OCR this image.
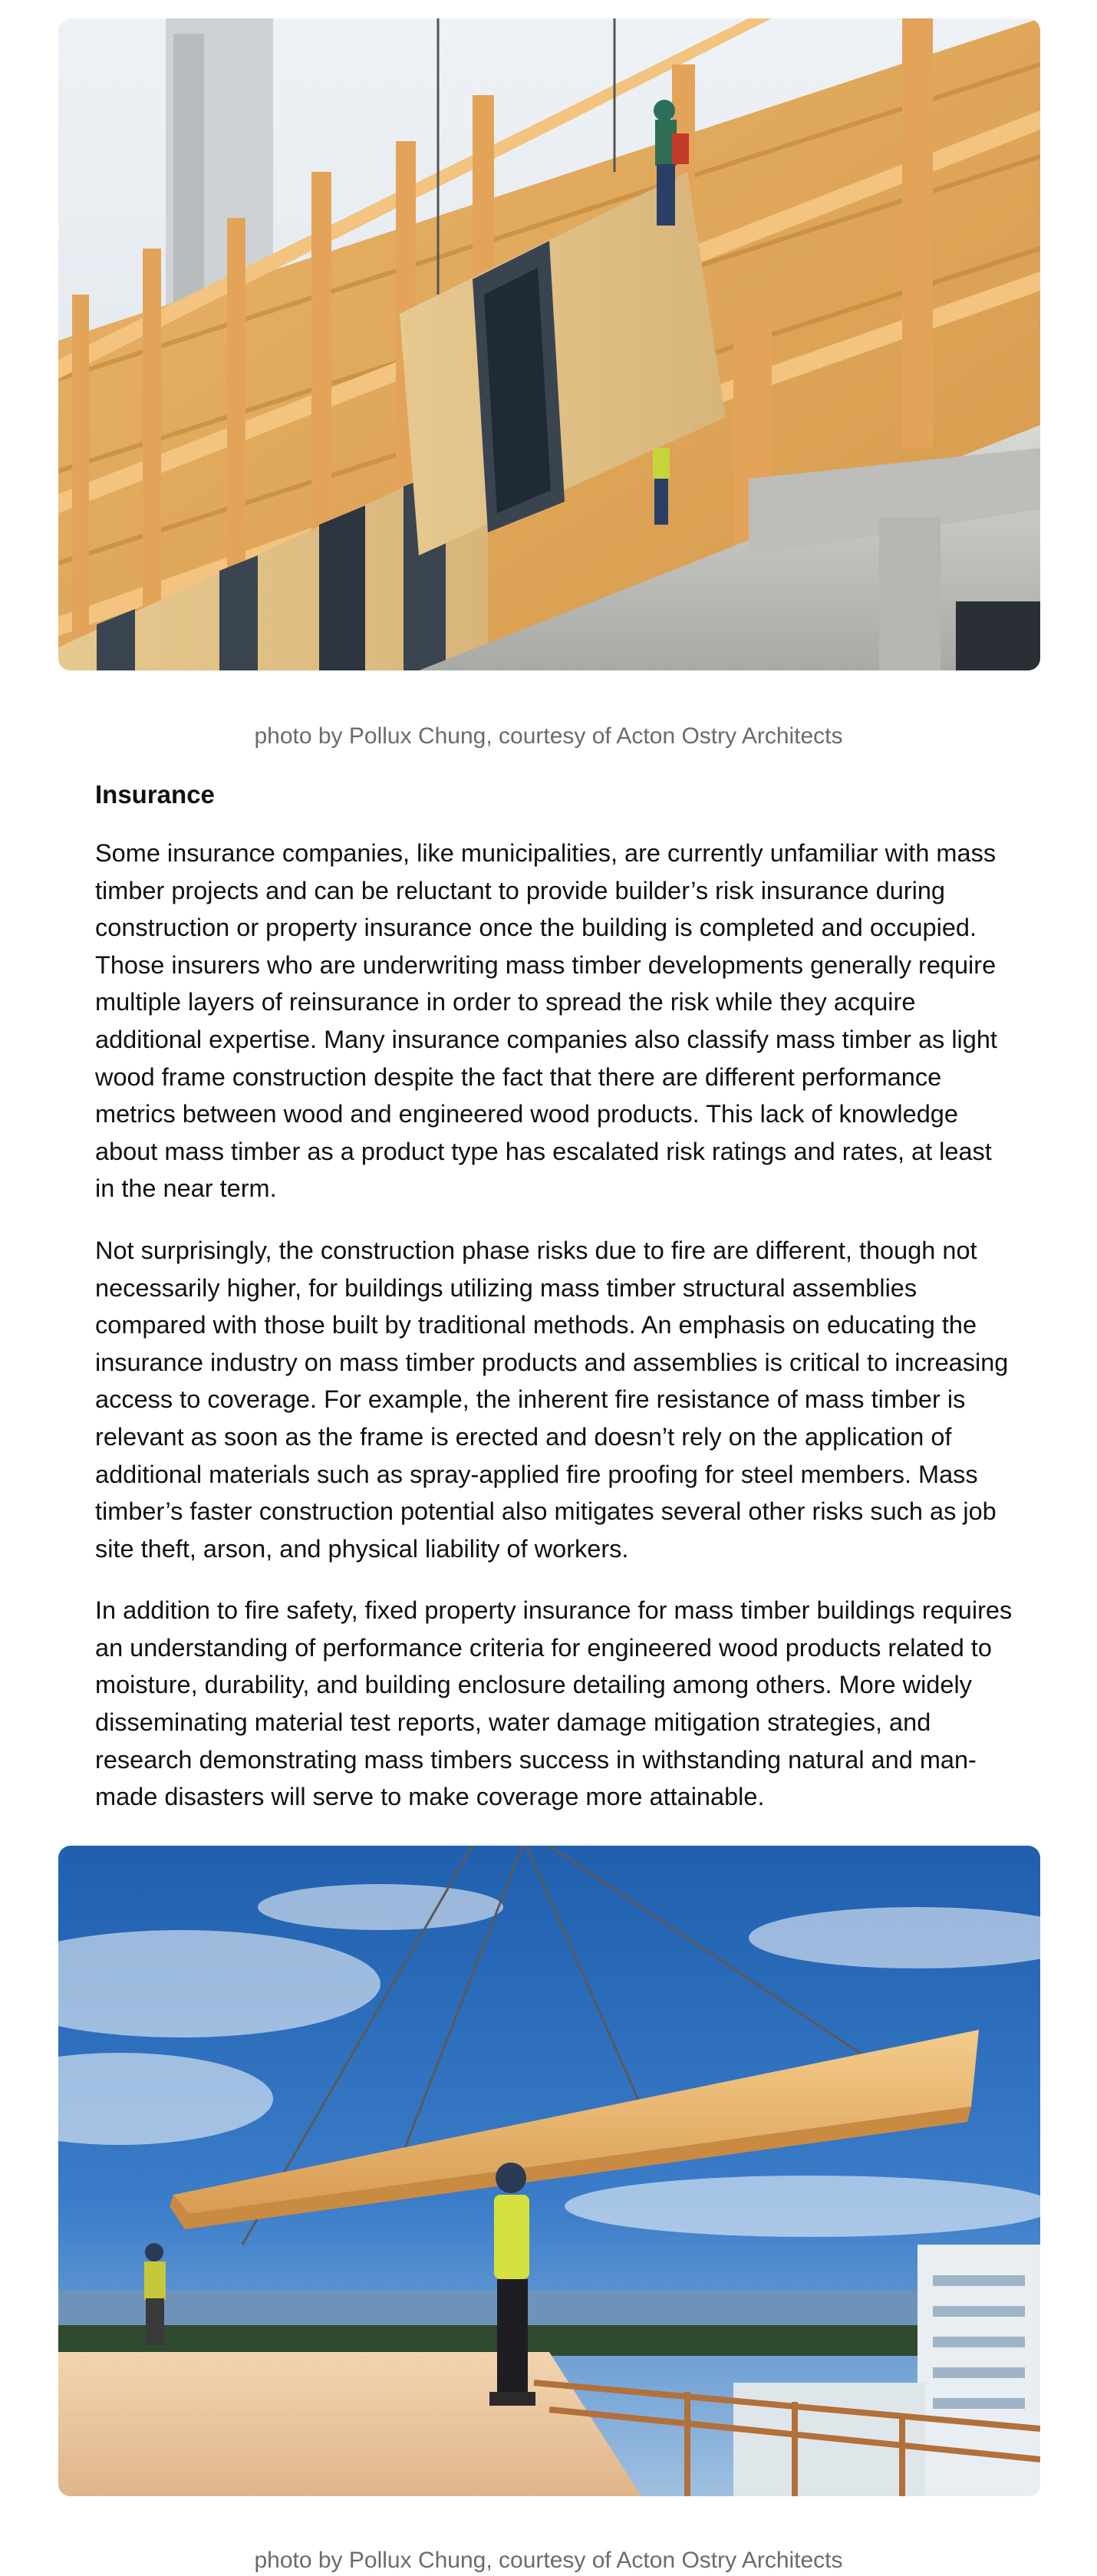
photo by Pollux Chung, courtesy of Acton Ostry Architects
Insurance

Some insurance companies, like municipalities, are currently unfamiliar with mass timber projects and can be reluctant to provide builder’s risk insurance during construction or property insurance once the building is completed and occupied. Those insurers who are underwriting mass timber developments generally require multiple layers of reinsurance in order to spread the risk while they acquire additional expertise. Many insurance companies also classify mass timber as light wood frame construction despite the fact that there are different performance metrics between wood and engineered wood products. This lack of knowledge about mass timber as a product type has escalated risk ratings and rates, at least in the near term.

Not surprisingly, the construction phase risks due to fire are different, though not necessarily higher, for buildings utilizing mass timber structural assemblies compared with those built by traditional methods. An emphasis on educating the insurance industry on mass timber products and assemblies is critical to increasing access to coverage. For example, the inherent fire resistance of mass timber is relevant as soon as the frame is erected and doesn’t rely on the application of additional materials such as spray-applied fire proofing for steel members. Mass timber’s faster construction potential also mitigates several other risks such as job site theft, arson, and physical liability of workers.

In addition to fire safety, fixed property insurance for mass timber buildings requires an understanding of performance criteria for engineered wood products related to moisture, durability, and building enclosure detailing among others. More widely disseminating material test reports, water damage mitigation strategies, and research demonstrating mass timbers success in withstanding natural and man-made disasters will serve to make coverage more attainable.

photo by Pollux Chung, courtesy of Acton Ostry Architects
